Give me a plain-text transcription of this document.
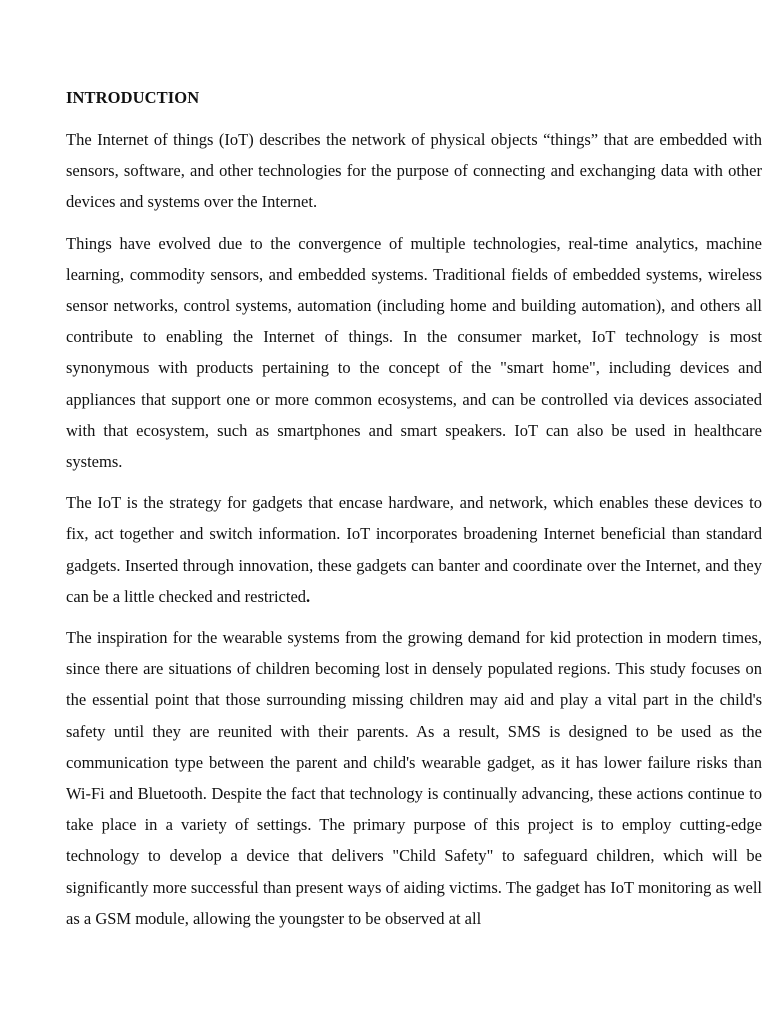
INTRODUCTION

The Internet of things (IoT) describes the network of physical objects “things” that are embedded with sensors, software, and other technologies for the purpose of connecting and exchanging data with other devices and systems over the Internet.

Things have evolved due to the convergence of multiple technologies, real-time analytics, machine learning, commodity sensors, and embedded systems. Traditional fields of embedded systems, wireless sensor networks, control systems, automation (including home and building automation), and others all contribute to enabling the Internet of things. In the consumer market, IoT technology is most synonymous with products pertaining to the concept of the "smart home", including devices and appliances that support one or more common ecosystems, and can be controlled via devices associated with that ecosystem, such as smartphones and smart speakers. IoT can also be used in healthcare systems.

The IoT is the strategy for gadgets that encase hardware, and network, which enables these devices to fix, act together and switch information. IoT incorporates broadening Internet beneficial than standard gadgets. Inserted through innovation, these gadgets can banter and coordinate over the Internet, and they can be a little checked and restricted.

The inspiration for the wearable systems from the growing demand for kid protection in modern times, since there are situations of children becoming lost in densely populated regions. This study focuses on the essential point that those surrounding missing children may aid and play a vital part in the child's safety until they are reunited with their parents. As a result, SMS is designed to be used as the communication type between the parent and child's wearable gadget, as it has lower failure risks than Wi-Fi and Bluetooth. Despite the fact that technology is continually advancing, these actions continue to take place in a variety of settings. The primary purpose of this project is to employ cutting-edge technology to develop a device that delivers "Child Safety" to safeguard children, which will be significantly more successful than present ways of aiding victims. The gadget has IoT monitoring as well as a GSM module, allowing the youngster to be observed at all
